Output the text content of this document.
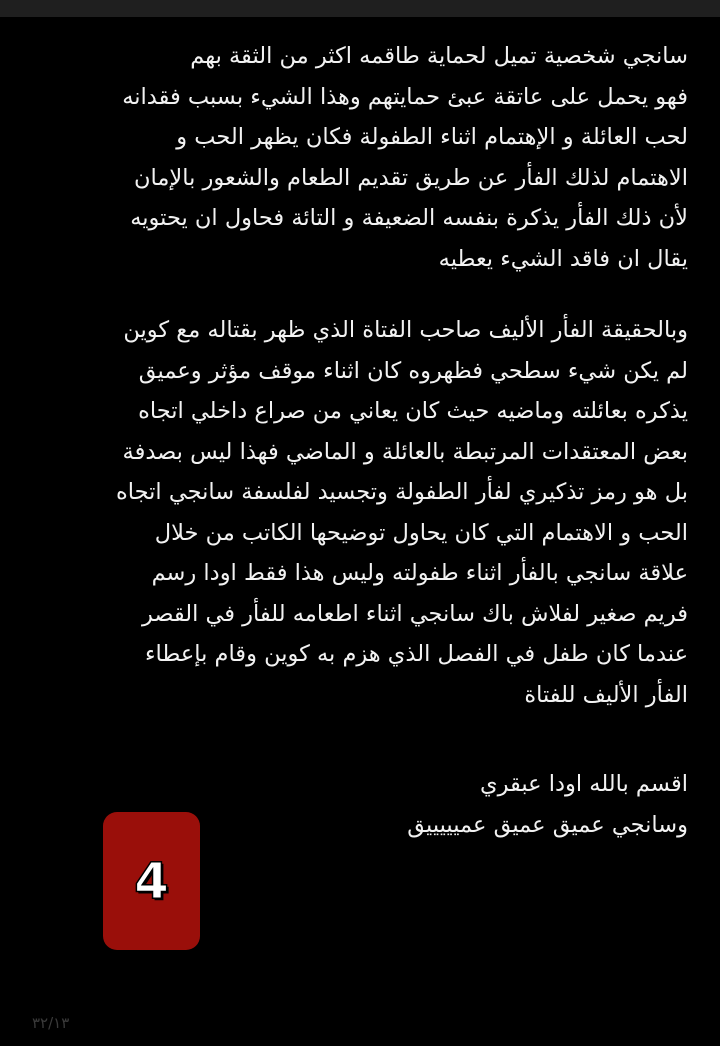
سانجي شخصية تميل لحماية طاقمه اكثر من الثقة بهم
فهو يحمل على عاتقة عبئ حمايتهم وهذا الشيء بسبب فقدانه
لحب العائلة و الإهتمام اثناء الطفولة فكان يظهر الحب و
الاهتمام لذلك الفأر عن طريق تقديم الطعام والشعور بالإمان
لأن ذلك الفأر يذكرة بنفسه الضعيفة و التائة فحاول ان يحتويه
يقال ان فاقد الشيء يعطيه
وبالحقيقة الفأر الأليف صاحب الفتاة الذي ظهر بقتاله مع كوين
لم يكن شيء سطحي فظهروه كان اثناء موقف مؤثر وعميق
يذكره بعائلته وماضيه حيث كان يعاني من صراع داخلي اتجاه
بعض المعتقدات المرتبطة بالعائلة و الماضي فهذا ليس بصدفة
بل هو رمز تذكيري لفأر الطفولة وتجسيد لفلسفة سانجي اتجاه
الحب و الاهتمام التي كان يحاول توضيحها الكاتب من خلال
علاقة سانجي بالفأر اثناء طفولته وليس هذا فقط اودا رسم
فريم صغير لفلاش باك سانجي اثناء اطعامه للفأر في القصر
عندما كان طفل في الفصل الذي هزم به كوين وقام بإعطاء
الفأر الأليف للفتاة
اقسم بالله اودا عبقري
وسانجي عميق عميق عميييييق
4
٣٢/١٣
